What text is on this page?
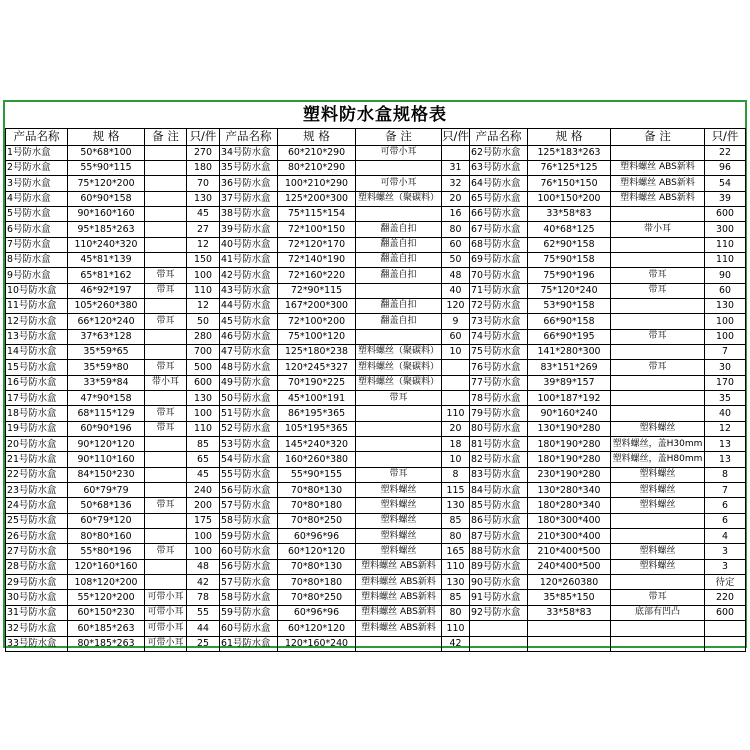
塑料防水盒规格表
产品名称	规 格	备 注	只/件	产品名称	规 格	备 注	只/件	产品名称	规 格	备 注	只/件
1号防水盒	50*68*100		270	34号防水盒	60*210*290	可带小耳		62号防水盒	125*183*263		22
2号防水盒	55*90*115		180	35号防水盒	80*210*290		31	63号防水盒	76*125*125	塑料螺丝 ABS新料	96
3号防水盒	75*120*200		70	36号防水盒	100*210*290	可带小耳	32	64号防水盒	76*150*150	塑料螺丝 ABS新料	54
4号防水盒	60*90*158		130	37号防水盒	125*200*300	塑料螺丝（聚碳料）	20	65号防水盒	100*150*200	塑料螺丝 ABS新料	39
5号防水盒	90*160*160		45	38号防水盒	75*115*154		16	66号防水盒	33*58*83		600
6号防水盒	95*185*263		27	39号防水盒	72*100*150	翻盖自扣	80	67号防水盒	40*68*125	带小耳	300
7号防水盒	110*240*320		12	40号防水盒	72*120*170	翻盖自扣	60	68号防水盒	62*90*158		110
8号防水盒	45*81*139		150	41号防水盒	72*140*190	翻盖自扣	50	69号防水盒	75*90*158		110
9号防水盒	65*81*162	带耳	100	42号防水盒	72*160*220	翻盖自扣	48	70号防水盒	75*90*196	带耳	90
10号防水盒	46*92*197	带耳	110	43号防水盒	72*90*115		40	71号防水盒	75*120*240	带耳	60
11号防水盒	105*260*380		12	44号防水盒	167*200*300	翻盖自扣	120	72号防水盒	53*90*158		130
12号防水盒	66*120*240	带耳	50	45号防水盒	72*100*200	翻盖自扣	9	73号防水盒	66*90*158		100
13号防水盒	37*63*128		280	46号防水盒	75*100*120		60	74号防水盒	66*90*195	带耳	100
14号防水盒	35*59*65		700	47号防水盒	125*180*238	塑料螺丝（聚碳料）	10	75号防水盒	141*280*300		7
15号防水盒	35*59*80	带耳	500	48号防水盒	120*245*327	塑料螺丝（聚碳料）		76号防水盒	83*151*269	带耳	30
16号防水盒	33*59*84	带小耳	600	49号防水盒	70*190*225	塑料螺丝（聚碳料）		77号防水盒	39*89*157		170
17号防水盒	47*90*158		130	50号防水盒	45*100*191	带耳		78号防水盒	100*187*192		35
18号防水盒	68*115*129	带耳	100	51号防水盒	86*195*365		110	79号防水盒	90*160*240		40
19号防水盒	60*90*196	带耳	110	52号防水盒	105*195*365		20	80号防水盒	130*190*280	塑料螺丝	12
20号防水盒	90*120*120		85	53号防水盒	145*240*320		18	81号防水盒	180*190*280	塑料螺丝，盖H30mm	13
21号防水盒	90*110*160		65	54号防水盒	160*260*380		10	82号防水盒	180*190*280	塑料螺丝，盖H80mm	13
22号防水盒	84*150*230		45	55号防水盒	55*90*155	带耳	8	83号防水盒	230*190*280	塑料螺丝	8
23号防水盒	60*79*79		240	56号防水盒	70*80*130	塑料螺丝	115	84号防水盒	130*280*340	塑料螺丝	7
24号防水盒	50*68*136	带耳	200	57号防水盒	70*80*180	塑料螺丝	130	85号防水盒	180*280*340	塑料螺丝	6
25号防水盒	60*79*120		175	58号防水盒	70*80*250	塑料螺丝	85	86号防水盒	180*300*400		6
26号防水盒	80*80*160		100	59号防水盒	60*96*96	塑料螺丝	80	87号防水盒	210*300*400		4
27号防水盒	55*80*196	带耳	100	60号防水盒	60*120*120	塑料螺丝	165	88号防水盒	210*400*500	塑料螺丝	3
28号防水盒	120*160*160		48	56号防水盒	70*80*130	塑料螺丝 ABS新料	110	89号防水盒	240*400*500	塑料螺丝	3
29号防水盒	108*120*200		42	57号防水盒	70*80*180	塑料螺丝 ABS新料	130	90号防水盒	120*260380		待定
30号防水盒	55*120*200	可带小耳	78	58号防水盒	70*80*250	塑料螺丝 ABS新料	85	91号防水盒	35*85*150	带耳	220
31号防水盒	60*150*230	可带小耳	55	59号防水盒	60*96*96	塑料螺丝 ABS新料	80	92号防水盒	33*58*83	底部有凹凸	600
32号防水盒	60*185*263	可带小耳	44	60号防水盒	60*120*120	塑料螺丝 ABS新料	110				
33号防水盒	80*185*263	可带小耳	25	61号防水盒	120*160*240		42				
